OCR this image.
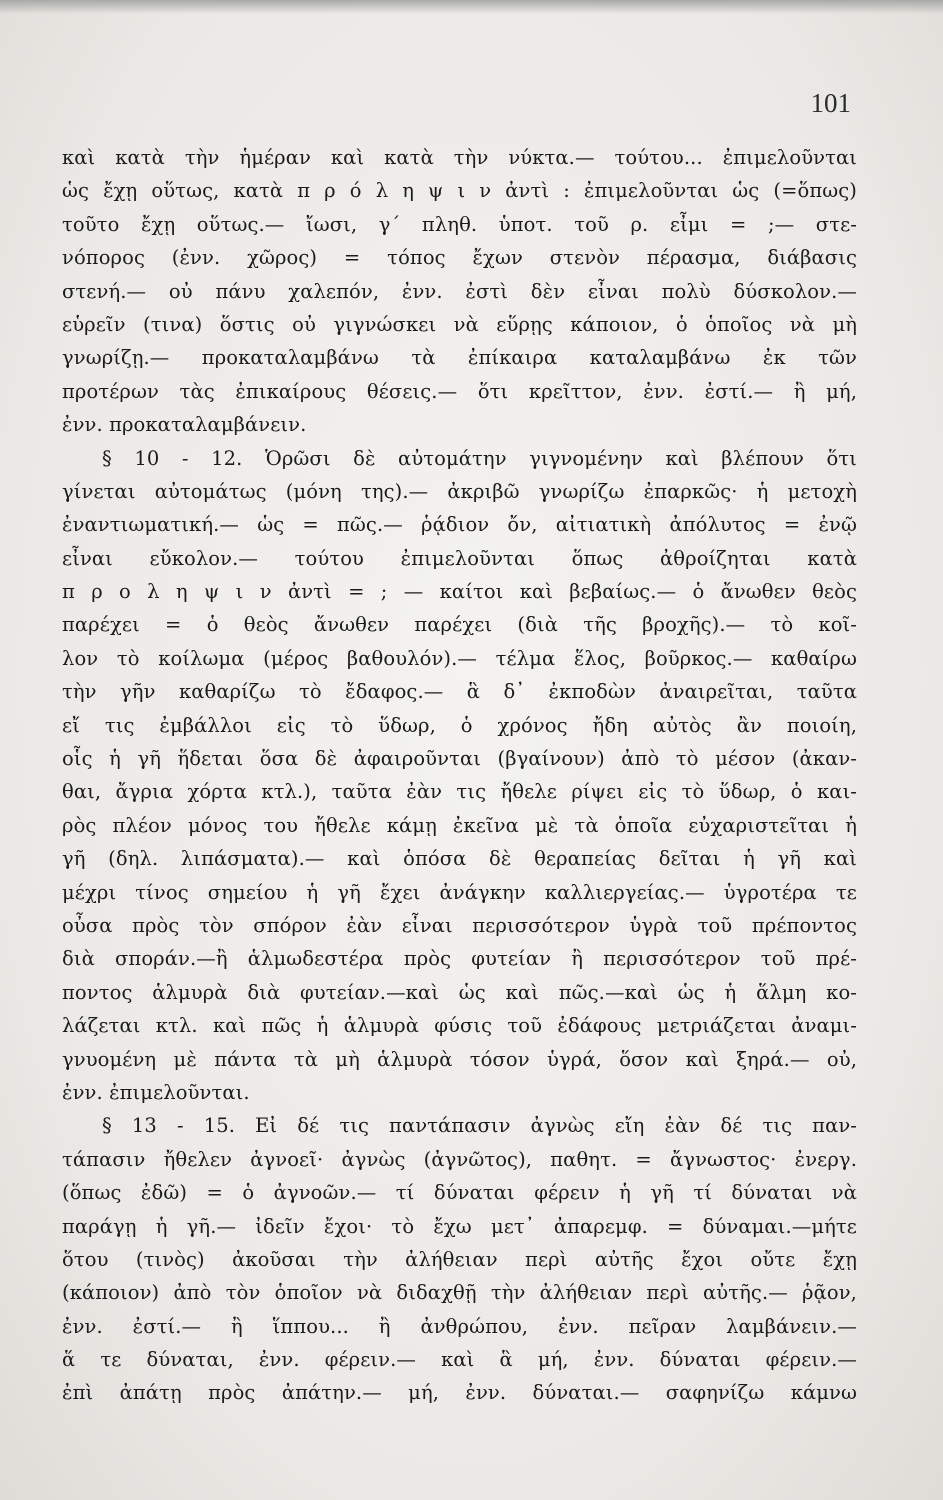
101
καὶ κατὰ τὴν ἡμέραν καὶ κατὰ τὴν νύκτα.— τούτου... ἐπιμελοῦνται
ὡς ἔχῃ οὕτως, κατὰ π ρ ό λ η ψ ι ν ἀντὶ : ἐπιμελοῦνται ὡς (=ὅπως)
τοῦτο ἔχῃ οὕτως.— ἴωσι, γ΄ πληθ. ὑποτ. τοῦ ρ. εἶμι = ;— στε-
νόπορος (ἐνν. χῶρος) = τόπος ἔχων στενὸν πέρασμα, διάβασις
στενή.— οὐ πάνυ χαλεπόν, ἐνν. ἐστὶ δὲν εἶναι πολὺ δύσκολον.—
εὑρεῖν (τινα) ὅστις οὐ γιγνώσκει νὰ εὕρῃς κάποιον, ὁ ὁποῖος νὰ μὴ
γνωρίζῃ.— προκαταλαμβάνω τὰ ἐπίκαιρα καταλαμβάνω ἐκ τῶν
προτέρων τὰς ἐπικαίρους θέσεις.— ὅτι κρεῖττον, ἐνν. ἐστί.— ἢ μή,
ἐνν. προκαταλαμβάνειν.
§ 10 - 12. Ὁρῶσι δὲ αὐτομάτην γιγνομένην καὶ βλέπουν ὅτι
γίνεται αὐτομάτως (μόνη της).— ἀκριβῶ γνωρίζω ἐπαρκῶς· ἡ μετοχὴ
ἐναντιωματική.— ὡς = πῶς.— ῥᾴδιον ὄν, αἰτιατικὴ ἀπόλυτος = ἐνῷ
εἶναι εὔκολον.— τούτου ἐπιμελοῦνται ὅπως ἀθροίζηται κατὰ
π ρ ο λ η ψ ι ν ἀντὶ = ; — καίτοι καὶ βεβαίως.— ὁ ἄνωθεν θεὸς
παρέχει = ὁ θεὸς ἄνωθεν παρέχει (διὰ τῆς βροχῆς).— τὸ κοῖ-
λον τὸ κοίλωμα (μέρος βαθουλόν).— τέλμα ἕλος, βοῦρκος.— καθαίρω
τὴν γῆν καθαρίζω τὸ ἔδαφος.— ἃ δ᾽ ἐκποδὼν ἀναιρεῖται, ταῦτα
εἴ τις ἐμβάλλοι εἰς τὸ ὕδωρ, ὁ χρόνος ἤδη αὐτὸς ἂν ποιοίη,
οἷς ἡ γῆ ἥδεται ὅσα δὲ ἀφαιροῦνται (βγαίνουν) ἀπὸ τὸ μέσον (ἀκαν-
θαι, ἄγρια χόρτα κτλ.), ταῦτα ἐὰν τις ἤθελε ρίψει εἰς τὸ ὕδωρ, ὁ και-
ρὸς πλέον μόνος του ἤθελε κάμῃ ἐκεῖνα μὲ τὰ ὁποῖα εὐχαριστεῖται ἡ
γῆ (δηλ. λιπάσματα).— καὶ ὁπόσα δὲ θεραπείας δεῖται ἡ γῆ καὶ
μέχρι τίνος σημείου ἡ γῆ ἔχει ἀνάγκην καλλιεργείας.— ὑγροτέρα τε
οὖσα πρὸς τὸν σπόρον ἐὰν εἶναι περισσότερον ὑγρὰ τοῦ πρέποντος
διὰ σποράν.—ἢ ἁλμωδεστέρα πρὸς φυτείαν ἢ περισσότερον τοῦ πρέ-
ποντος ἁλμυρὰ διὰ φυτείαν.—καὶ ὡς καὶ πῶς.—καὶ ὡς ἡ ἅλμη κο-
λάζεται κτλ. καὶ πῶς ἡ ἁλμυρὰ φύσις τοῦ ἐδάφους μετριάζεται ἀναμι-
γνυομένη μὲ πάντα τὰ μὴ ἁλμυρὰ τόσον ὑγρά, ὅσον καὶ ξηρά.— οὐ,
ἐνν. ἐπιμελοῦνται.
§ 13 - 15. Εἰ δέ τις παντάπασιν ἀγνὼς εἴη ἐὰν δέ τις παν-
τάπασιν ἤθελεν ἀγνοεῖ· ἀγνὼς (ἀγνῶτος), παθητ. = ἄγνωστος· ἐνεργ.
(ὅπως ἐδῶ) = ὁ ἀγνοῶν.— τί δύναται φέρειν ἡ γῆ τί δύναται νὰ
παράγῃ ἡ γῆ.— ἰδεῖν ἔχοι· τὸ ἔχω μετ᾽ ἀπαρεμφ. = δύναμαι.—μήτε
ὅτου (τινὸς) ἀκοῦσαι τὴν ἀλήθειαν περὶ αὐτῆς ἔχοι οὔτε ἔχῃ
(κάποιον) ἀπὸ τὸν ὁποῖον νὰ διδαχθῇ τὴν ἀλήθειαν περὶ αὐτῆς.— ῥᾷον,
ἐνν. ἐστί.— ἢ ἵππου... ἢ ἀνθρώπου, ἐνν. πεῖραν λαμβάνειν.—
ἅ τε δύναται, ἐνν. φέρειν.— καὶ ἃ μή, ἐνν. δύναται φέρειν.—
ἐπὶ ἀπάτῃ πρὸς ἀπάτην.— μή, ἐνν. δύναται.— σαφηνίζω κάμνω
